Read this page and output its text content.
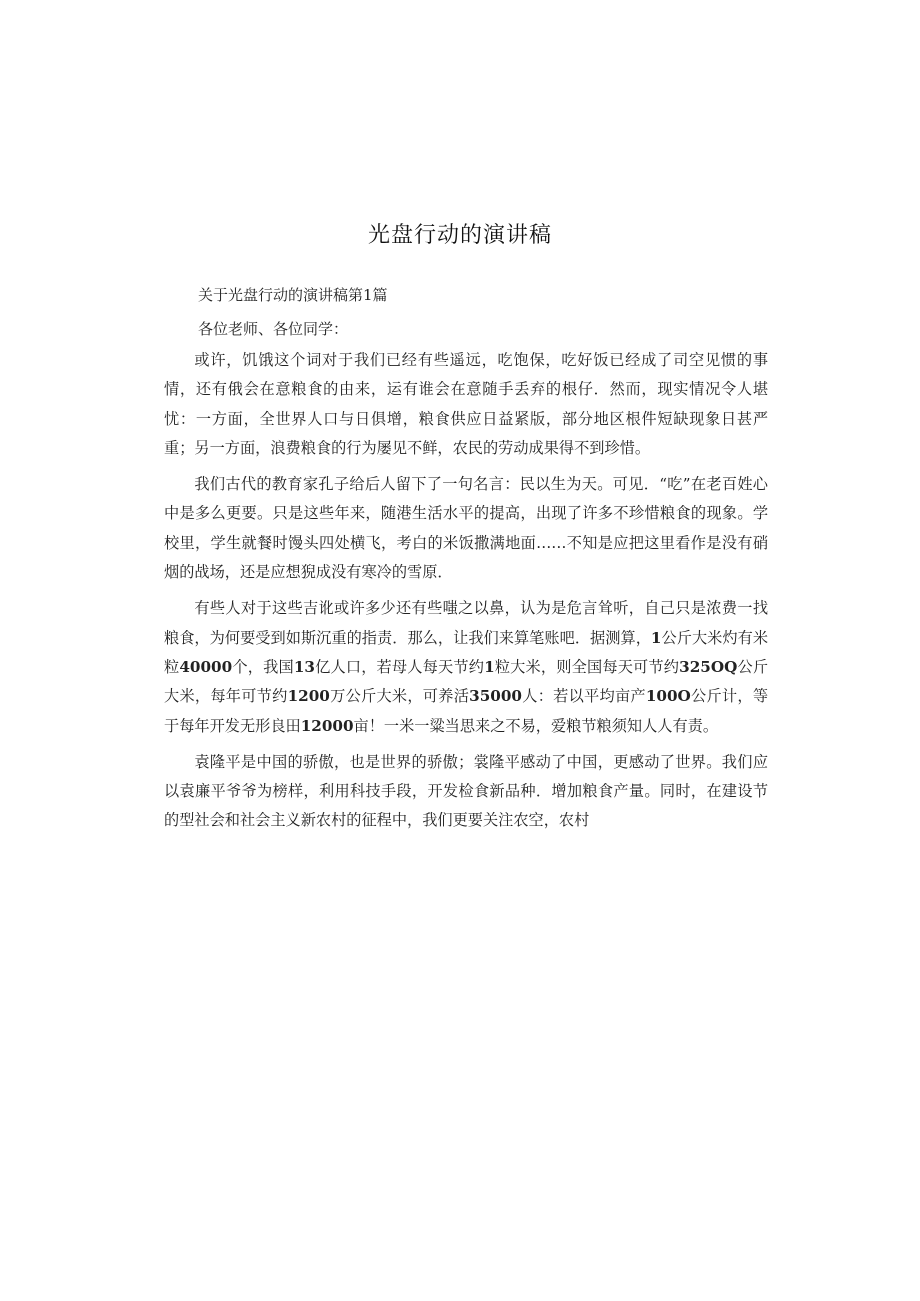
光盘行动的演讲稿
关于光盘行动的演讲稿第1篇
各位老师、各位同学：

或许，饥饿这个词对于我们已经有些遥远，吃饱保，吃好饭已经成了司空见惯的事情，还有俄会在意粮食的由来，运有谁会在意随手丢弃的根仔．然而，现实情况令人堪忧：一方面，全世界人口与日俱增，粮食供应日益紧版，部分地区根件短缺现象日甚严重；另一方面，浪费粮食的行为屡见不鲜，农民的劳动成果得不到珍惜。

我们古代的教育家孔子给后人留下了一句名言：民以生为天。可见．“吃”在老百姓心中是多么更要。只是这些年来，随港生活水平的提高，出现了许多不珍惜粮食的现象。学校里，学生就餐时馒头四处横飞，考白的米饭撒满地面……不知是应把这里看作是没有硝烟的战场，还是应想猊成没有寒冷的雪原．

有些人对于这些吉讹或许多少还有些嗤之以鼻，认为是危言耸听，自己只是浓费一找粮食，为何要受到如斯沉重的指责．那么，让我们来算笔账吧．据测算，1公斤大米灼有米粒40000个，我国13亿人口，若母人每天节约1粒大米，则全国每天可节约325OQ公斤大米，每年可节约1200万公斤大米，可养活35000人：若以平均亩产100O公斤计，等于每年开发无形良田12000亩！一米一粱当思来之不易，爱粮节粮须知人人有责。

袁隆平是中国的骄傲，也是世界的骄傲；裳隆平感动了中国，更感动了世界。我们应以袁廉平爷爷为榜样，利用科技手段，开发检食新品种．增加粮食产量。同时，在建设节的型社会和社会主义新农村的征程中，我们更要关注农空，农村
